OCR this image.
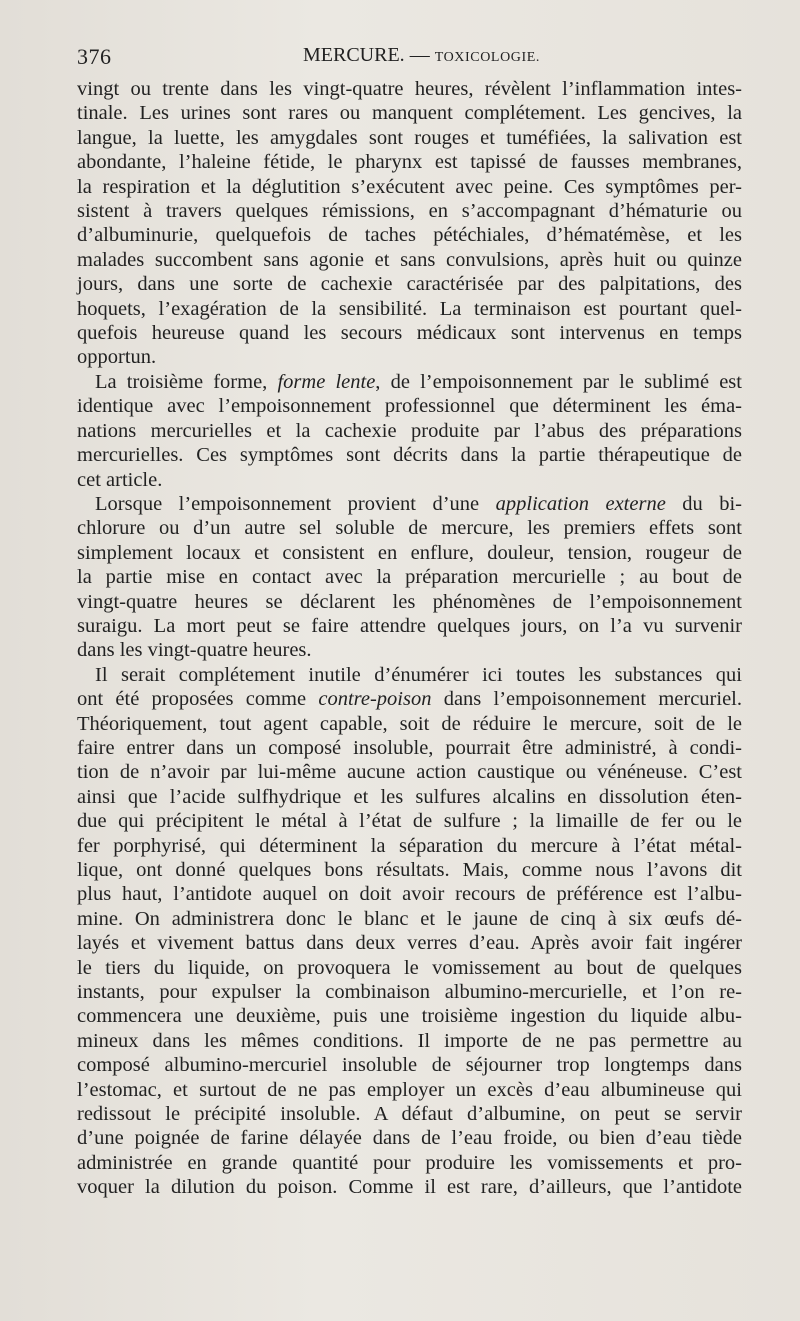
376	MERCURE. — TOXICOLOGIE.
vingt ou trente dans les vingt-quatre heures, révèlent l’inflammation intes-
tinale. Les urines sont rares ou manquent complétement. Les gencives, la
langue, la luette, les amygdales sont rouges et tuméfiées, la salivation est
abondante, l’haleine fétide, le pharynx est tapissé de fausses membranes,
la respiration et la déglutition s’exécutent avec peine. Ces symptômes per-
sistent à travers quelques rémissions, en s’accompagnant d’hématurie ou
d’albuminurie, quelquefois de taches pétéchiales, d’hématémèse, et les
malades succombent sans agonie et sans convulsions, après huit ou quinze
jours, dans une sorte de cachexie caractérisée par des palpitations, des
hoquets, l’exagération de la sensibilité. La terminaison est pourtant quel-
quefois heureuse quand les secours médicaux sont intervenus en temps
opportun.
La troisième forme, forme lente, de l’empoisonnement par le sublimé est
identique avec l’empoisonnement professionnel que déterminent les éma-
nations mercurielles et la cachexie produite par l’abus des préparations
mercurielles. Ces symptômes sont décrits dans la partie thérapeutique de
cet article.
Lorsque l’empoisonnement provient d’une application externe du bi-
chlorure ou d’un autre sel soluble de mercure, les premiers effets sont
simplement locaux et consistent en enflure, douleur, tension, rougeur de
la partie mise en contact avec la préparation mercurielle ; au bout de
vingt-quatre heures se déclarent les phénomènes de l’empoisonnement
suraigu. La mort peut se faire attendre quelques jours, on l’a vu survenir
dans les vingt-quatre heures.
Il serait complétement inutile d’énumérer ici toutes les substances qui
ont été proposées comme contre-poison dans l’empoisonnement mercuriel.
Théoriquement, tout agent capable, soit de réduire le mercure, soit de le
faire entrer dans un composé insoluble, pourrait être administré, à condi-
tion de n’avoir par lui-même aucune action caustique ou vénéneuse. C’est
ainsi que l’acide sulfhydrique et les sulfures alcalins en dissolution éten-
due qui précipitent le métal à l’état de sulfure ; la limaille de fer ou le
fer porphyrisé, qui déterminent la séparation du mercure à l’état métal-
lique, ont donné quelques bons résultats. Mais, comme nous l’avons dit
plus haut, l’antidote auquel on doit avoir recours de préférence est l’albu-
mine. On administrera donc le blanc et le jaune de cinq à six œufs dé-
layés et vivement battus dans deux verres d’eau. Après avoir fait ingérer
le tiers du liquide, on provoquera le vomissement au bout de quelques
instants, pour expulser la combinaison albumino-mercurielle, et l’on re-
commencera une deuxième, puis une troisième ingestion du liquide albu-
mineux dans les mêmes conditions. Il importe de ne pas permettre au
composé albumino-mercuriel insoluble de séjourner trop longtemps dans
l’estomac, et surtout de ne pas employer un excès d’eau albumineuse qui
redissout le précipité insoluble. A défaut d’albumine, on peut se servir
d’une poignée de farine délayée dans de l’eau froide, ou bien d’eau tiède
administrée en grande quantité pour produire les vomissements et pro-
voquer la dilution du poison. Comme il est rare, d’ailleurs, que l’antidote
